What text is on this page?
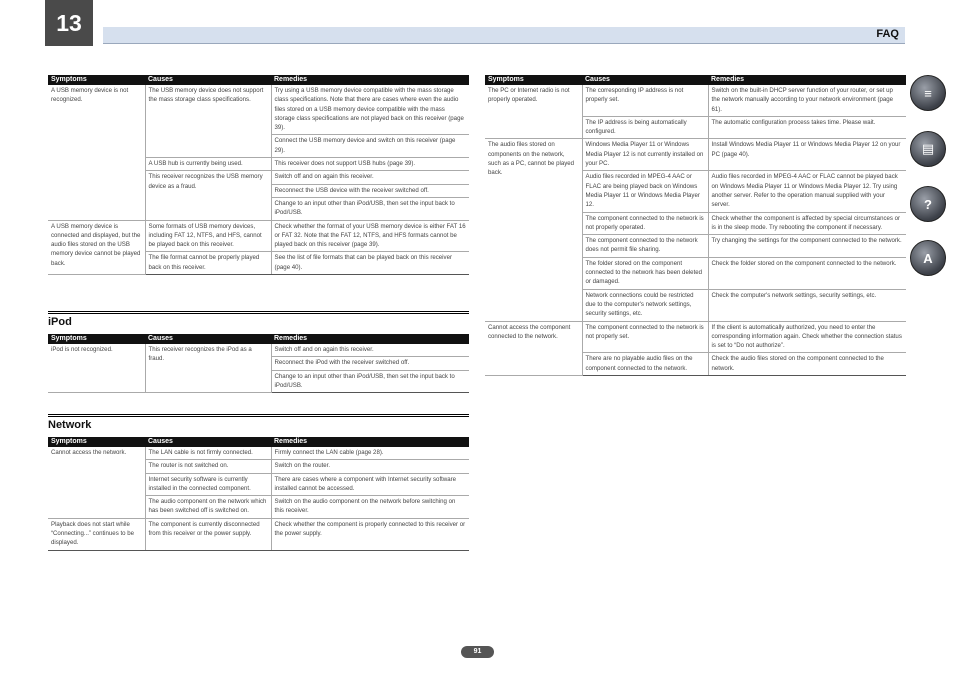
13	FAQ
Symptoms	Causes	Remedies
A USB memory device is not recognized.	The USB memory device does not support the mass storage class specifications.	Try using a USB memory device compatible with the mass storage class specifications. Note that there are cases where even the audio files stored on a USB memory device compatible with the mass storage class specifications are not played back on this receiver (page 39).
		Connect the USB memory device and switch on this receiver (page 29).
	A USB hub is currently being used.	This receiver does not support USB hubs (page 39).
	This receiver recognizes the USB memory device as a fraud.	Switch off and on again this receiver.
		Reconnect the USB device with the receiver switched off.
		Change to an input other than iPod/USB, then set the input back to iPod/USB.
A USB memory device is connected and displayed, but the audio files stored on the USB memory device cannot be played back.	Some formats of USB memory devices, including FAT 12, NTFS, and HFS, cannot be played back on this receiver.	Check whether the format of your USB memory device is either FAT 16 or FAT 32. Note that the FAT 12, NTFS, and HFS formats cannot be played back on this receiver (page 39).
	The file format cannot be properly played back on this receiver.	See the list of file formats that can be played back on this receiver (page 40).
iPod
Symptoms	Causes	Remedies
iPod is not recognized.	This receiver recognizes the iPod as a fraud.	Switch off and on again this receiver.
		Reconnect the iPod with the receiver switched off.
		Change to an input other than iPod/USB, then set the input back to iPod/USB.
Network
Symptoms	Causes	Remedies
Cannot access the network.	The LAN cable is not firmly connected.	Firmly connect the LAN cable (page 28).
	The router is not switched on.	Switch on the router.
	Internet security software is currently installed in the connected component.	There are cases where a component with Internet security software installed cannot be accessed.
	The audio component on the network which has been switched off is switched on.	Switch on the audio component on the network before switching on this receiver.
Playback does not start while “Connecting...” continues to be displayed.	The component is currently disconnected from this receiver or the power supply.	Check whether the component is properly connected to this receiver or the power supply.
Symptoms	Causes	Remedies
The PC or Internet radio is not properly operated.	The corresponding IP address is not properly set.	Switch on the built-in DHCP server function of your router, or set up the network manually according to your network environment (page 61).
	The IP address is being automatically configured.	The automatic configuration process takes time. Please wait.
The audio files stored on components on the network, such as a PC, cannot be played back.	Windows Media Player 11 or Windows Media Player 12 is not currently installed on your PC.	Install Windows Media Player 11 or Windows Media Player 12 on your PC (page 40).
	Audio files recorded in MPEG-4 AAC or FLAC are being played back on Windows Media Player 11 or Windows Media Player 12.	Audio files recorded in MPEG-4 AAC or FLAC cannot be played back on Windows Media Player 11 or Windows Media Player 12. Try using another server. Refer to the operation manual supplied with your server.
	The component connected to the network is not properly operated.	Check whether the component is affected by special circumstances or is in the sleep mode. Try rebooting the component if necessary.
	The component connected to the network does not permit file sharing.	Try changing the settings for the component connected to the network.
	The folder stored on the component connected to the network has been deleted or damaged.	Check the folder stored on the component connected to the network.
	Network connections could be restricted due to the computer's network settings, security settings, etc.	Check the computer's network settings, security settings, etc.
Cannot access the component connected to the network.	The component connected to the network is not properly set.	If the client is automatically authorized, you need to enter the corresponding information again. Check whether the connection status is set to “Do not authorize”.
	There are no playable audio files on the component connected to the network.	Check the audio files stored on the component connected to the network.
≡
▤
?
A
91
